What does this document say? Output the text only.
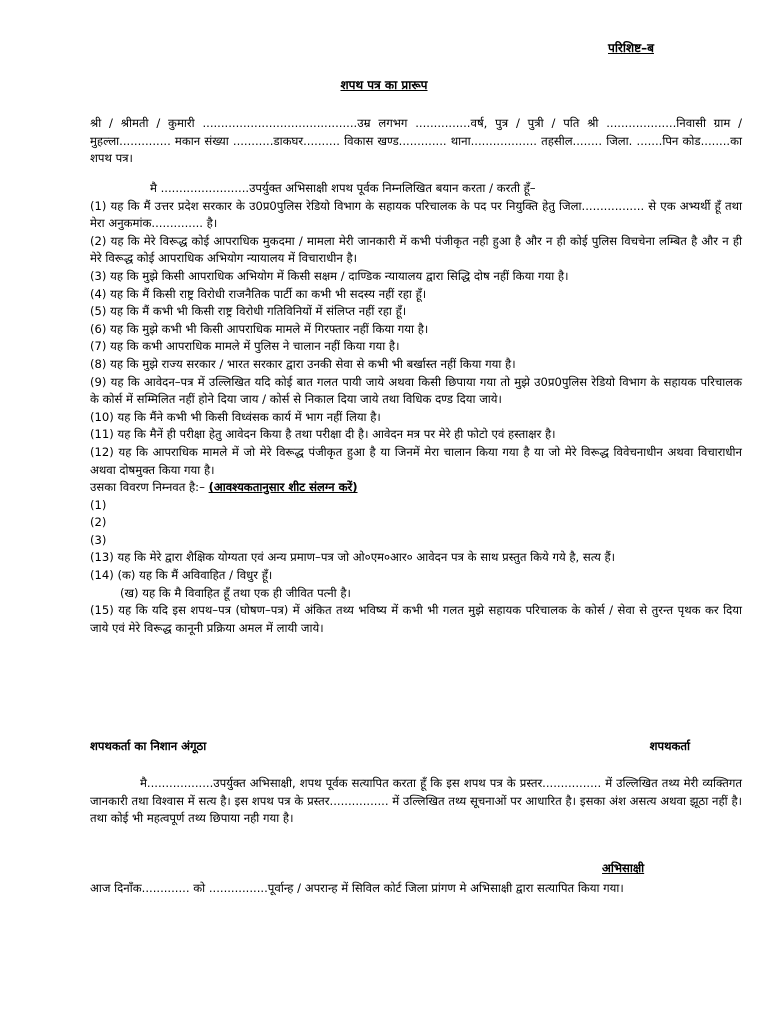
परिशिष्ट–ब
शपथ पत्र का प्रारूप
श्री / श्रीमती / कुमारी ..........................................उम्र लगभग ...............वर्ष, पुत्र / पुत्री / पति श्री ...................निवासी ग्राम / मुहल्ला.............. मकान संख्या ...........डाकघर.......... विकास खण्ड............. थाना.................. तहसील........ जिला. .......पिन कोड........का शपथ पत्र।

मै ........................उपर्युक्त अभिसाक्षी शपथ पूर्वक निम्नलिखित बयान करता / करती हूँ–

(1) यह कि मैं उत्तर प्रदेश सरकार के उ0प्र0पुलिस रेडियो विभाग के सहायक परिचालक के पद पर नियुक्ति हेतु जिला................. से एक अभ्यर्थी हूँ तथा मेरा अनुकमांक.............. है।

(2) यह कि मेरे विरूद्ध कोई आपराधिक मुकदमा / मामला मेरी जानकारी में कभी पंजीकृत नही हुआ है और न ही कोई पुलिस विचचेना लम्बित है और न ही मेरे विरूद्ध कोई आपराधिक अभियोग न्यायालय में विचाराधीन है।

(3) यह कि मुझे किसी आपराधिक अभियोग में किसी सक्षम / दाण्डिक न्यायालय द्वारा सिद्धि दोष नहीं किया गया है।

(4) यह कि मैं किसी राष्ट्र विरोधी राजनैतिक पार्टी का कभी भी सदस्य नहीं रहा हूँ।

(5) यह कि मैं कभी भी किसी राष्ट्र विरोधी गतिविनियों में संलिप्त नहीं रहा हूँ।

(6) यह कि मुझे कभी भी किसी आपराधिक मामले में गिरफ्तार नहीं किया गया है।

(7) यह कि कभी आपराधिक मामले में पुलिस ने चालान नहीं किया गया है।

(8) यह कि मुझे राज्य सरकार / भारत सरकार द्वारा उनकी सेवा से कभी भी बर्खास्त नहीं किया गया है।

(9) यह कि आवेदन–पत्र में उल्लिखित यदि कोई बात गलत पायी जाये अथवा किसी छिपाया गया तो मुझे उ0प्र0पुलिस रेडियो विभाग के सहायक परिचालक के कोर्स में सम्मिलित नहीं होने दिया जाय / कोर्स से निकाल दिया जाये तथा विधिक दण्ड दिया जाये।

(10) यह कि मैंने कभी भी किसी विध्वंसक कार्य में भाग नहीं लिया है।

(11) यह कि मैनें ही परीक्षा हेतु आवेदन किया है तथा परीक्षा दी है। आवेदन मत्र पर मेरे ही फोटो एवं हस्ताक्षर है।

(12) यह कि आपराधिक मामले में जो मेरे विरूद्ध पंजीकृत हुआ है या जिनमें मेरा चालान किया गया है या जो मेरे विरूद्ध विवेचनाधीन अथवा विचाराधीन अथवा दोषमुक्त किया गया है।

उसका विवरण निम्नवत है:– (आवश्यकतानुसार शीट संलग्न करें)

(1)

(2)

(3)

(13) यह कि मेरे द्वारा शैक्षिक योग्यता एवं अन्य प्रमाण–पत्र जो ओ०एम०आर० आवेदन पत्र के साथ प्रस्तुत किये गये है, सत्य हैं।

(14) (क) यह कि मैं अविवाहित / विधुर हूँ।

(ख) यह कि मै विवाहित हूँ तथा एक ही जीवित पत्नी है।

(15) यह कि यदि इस शपथ–पत्र (घोषण–पत्र) में अंकित तथ्य भविष्य में कभी भी गलत मुझे सहायक परिचालक के कोर्स / सेवा से तुरन्त पृथक कर दिया जाये एवं मेरे विरूद्ध कानूनी प्रक्रिया अमल में लायी जाये।

शपथकर्ता का निशान अंगूठा	शपथकर्ता

मै..................उपर्युक्त अभिसाक्षी, शपथ पूर्वक सत्यापित करता हूँ कि इस शपथ पत्र के प्रस्तर................ में उल्लिखित तथ्य मेरी व्यक्तिगत जानकारी तथा विश्वास में सत्य है। इस शपथ पत्र के प्रस्तर................ में उल्लिखित तथ्य सूचनाओं पर आधारित है। इसका अंश असत्य अथवा झूठा नहीं है। तथा कोई भी महत्वपूर्ण तथ्य छिपाया नही गया है।

अभिसाक्षी

आज दिनाँक............. को ................पूर्वान्ह / अपरान्ह में सिविल कोर्ट जिला प्रांगण मे अभिसाक्षी द्वारा सत्यापित किया गया।
